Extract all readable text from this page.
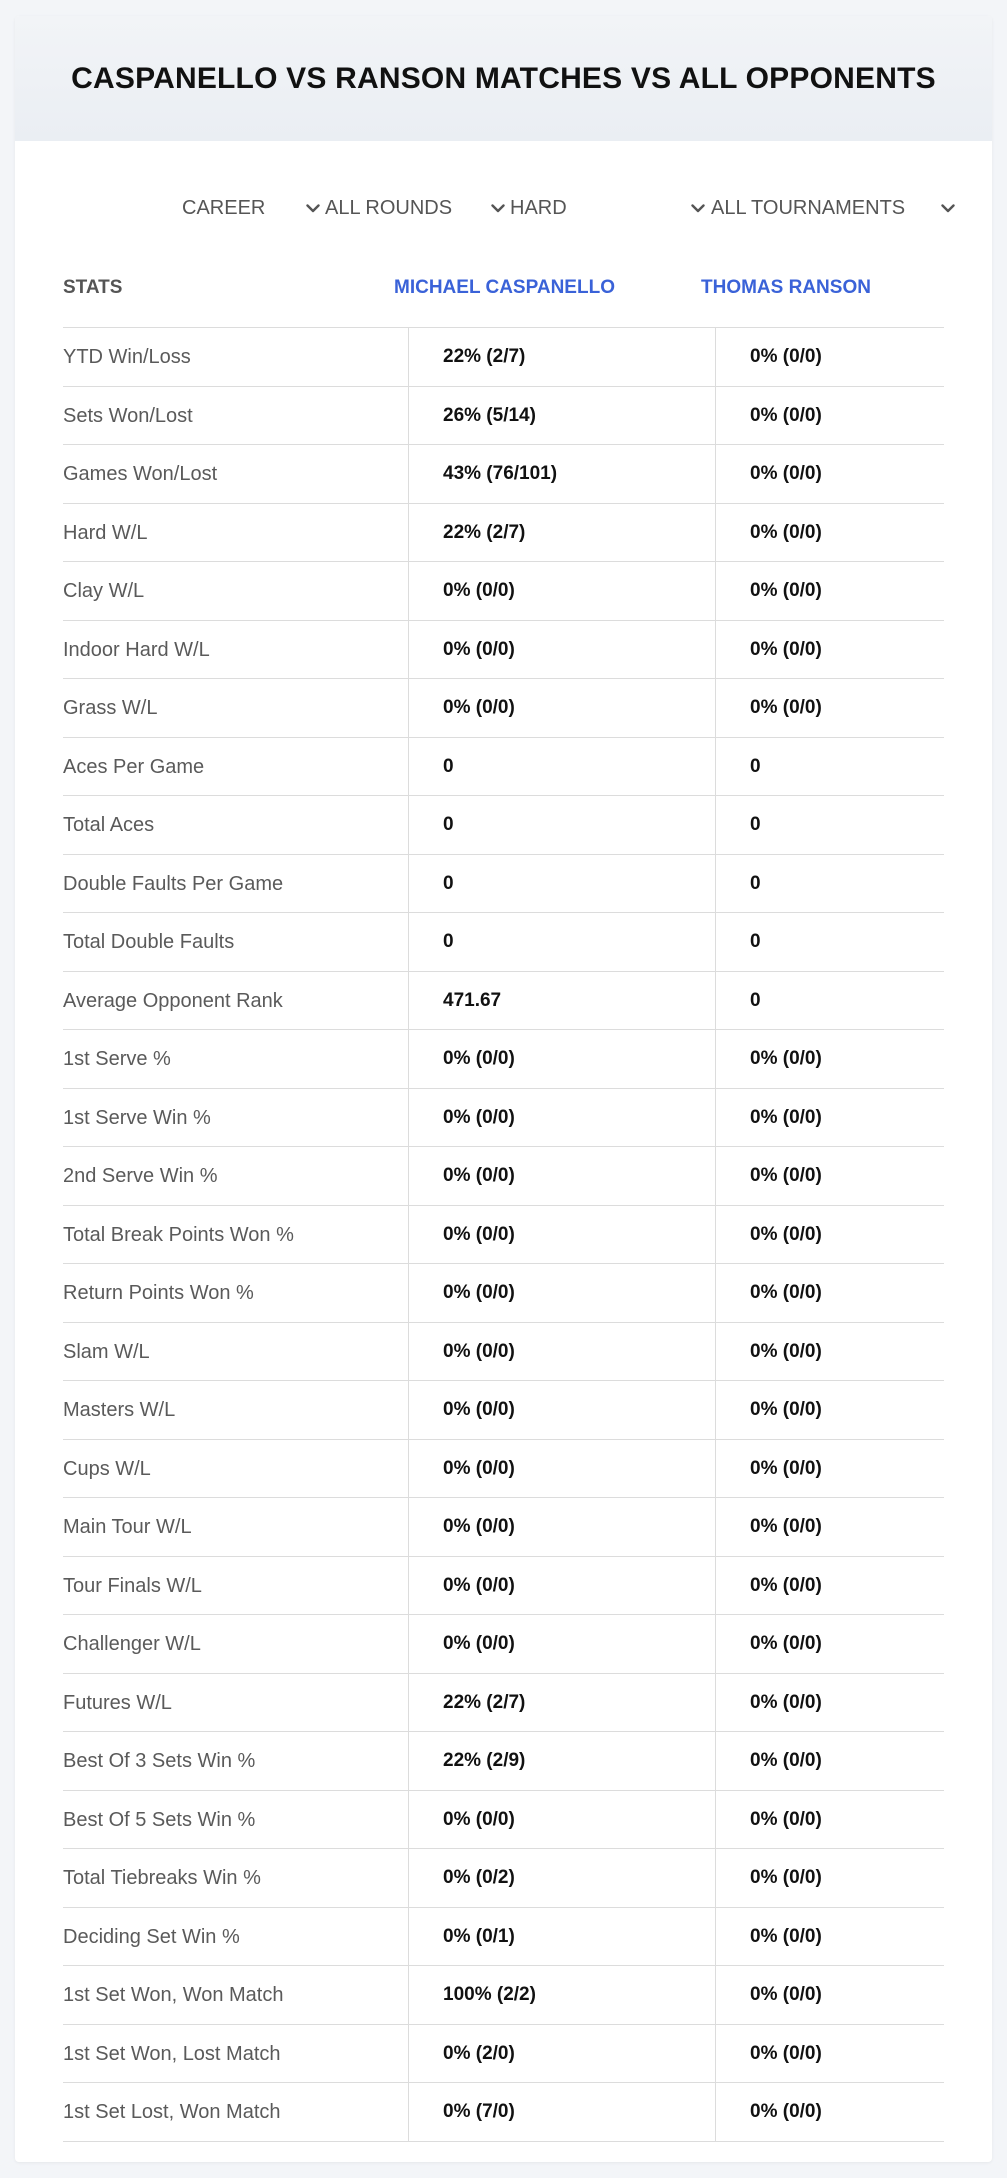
CASPANELLO VS RANSON MATCHES VS ALL OPPONENTS
CAREER	ALL ROUNDS	HARD	ALL TOURNAMENTS
STATS	MICHAEL CASPANELLO	THOMAS RANSON
YTD Win/Loss	22% (2/7)	0% (0/0)
Sets Won/Lost	26% (5/14)	0% (0/0)
Games Won/Lost	43% (76/101)	0% (0/0)
Hard W/L	22% (2/7)	0% (0/0)
Clay W/L	0% (0/0)	0% (0/0)
Indoor Hard W/L	0% (0/0)	0% (0/0)
Grass W/L	0% (0/0)	0% (0/0)
Aces Per Game	0	0
Total Aces	0	0
Double Faults Per Game	0	0
Total Double Faults	0	0
Average Opponent Rank	471.67	0
1st Serve %	0% (0/0)	0% (0/0)
1st Serve Win %	0% (0/0)	0% (0/0)
2nd Serve Win %	0% (0/0)	0% (0/0)
Total Break Points Won %	0% (0/0)	0% (0/0)
Return Points Won %	0% (0/0)	0% (0/0)
Slam W/L	0% (0/0)	0% (0/0)
Masters W/L	0% (0/0)	0% (0/0)
Cups W/L	0% (0/0)	0% (0/0)
Main Tour W/L	0% (0/0)	0% (0/0)
Tour Finals W/L	0% (0/0)	0% (0/0)
Challenger W/L	0% (0/0)	0% (0/0)
Futures W/L	22% (2/7)	0% (0/0)
Best Of 3 Sets Win %	22% (2/9)	0% (0/0)
Best Of 5 Sets Win %	0% (0/0)	0% (0/0)
Total Tiebreaks Win %	0% (0/2)	0% (0/0)
Deciding Set Win %	0% (0/1)	0% (0/0)
1st Set Won, Won Match	100% (2/2)	0% (0/0)
1st Set Won, Lost Match	0% (2/0)	0% (0/0)
1st Set Lost, Won Match	0% (7/0)	0% (0/0)
